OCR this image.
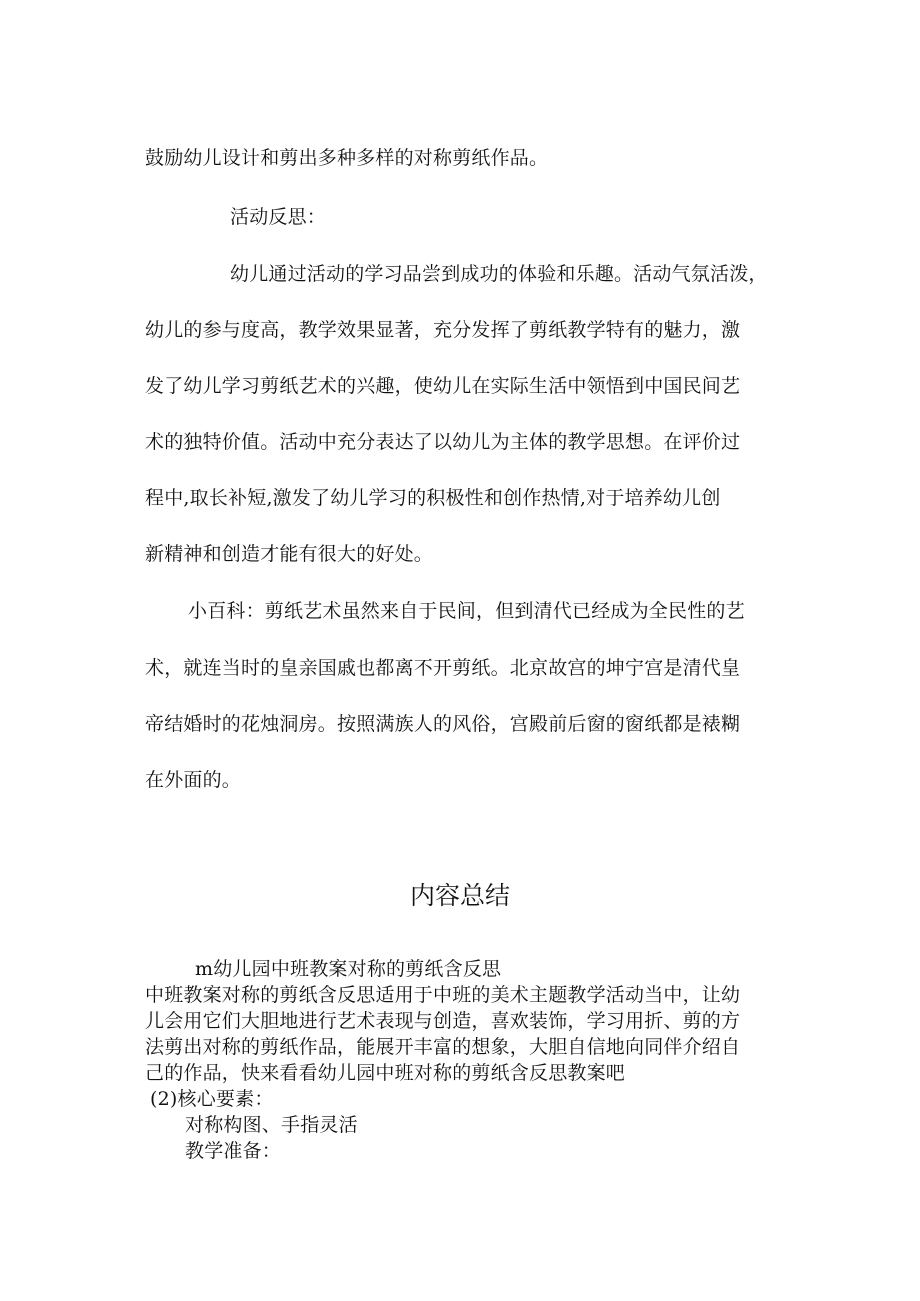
鼓励幼儿设计和剪出多种多样的对称剪纸作品。
活动反思：
幼儿通过活动的学习品尝到成功的体验和乐趣。活动气氛活泼，
幼儿的参与度高，教学效果显著，充分发挥了剪纸教学特有的魅力，激
发了幼儿学习剪纸艺术的兴趣，使幼儿在实际生活中领悟到中国民间艺
术的独特价值。活动中充分表达了以幼儿为主体的教学思想。在评价过
程中,取长补短,激发了幼儿学习的积极性和创作热情,对于培养幼儿创
新精神和创造才能有很大的好处。
小百科：剪纸艺术虽然来自于民间，但到清代已经成为全民性的艺
术，就连当时的皇亲国戚也都离不开剪纸。北京故宫的坤宁宫是清代皇
帝结婚时的花烛洞房。按照满族人的风俗，宫殿前后窗的窗纸都是裱糊
在外面的。
内容总结
m幼儿园中班教案对称的剪纸含反思
中班教案对称的剪纸含反思适用于中班的美术主题教学活动当中，让幼
儿会用它们大胆地进行艺术表现与创造，喜欢装饰，学习用折、剪的方
法剪出对称的剪纸作品，能展开丰富的想象，大胆自信地向同伴介绍自
己的作品，快来看看幼儿园中班对称的剪纸含反思教案吧
(2)核心要素：
对称构图、手指灵活
教学准备：
